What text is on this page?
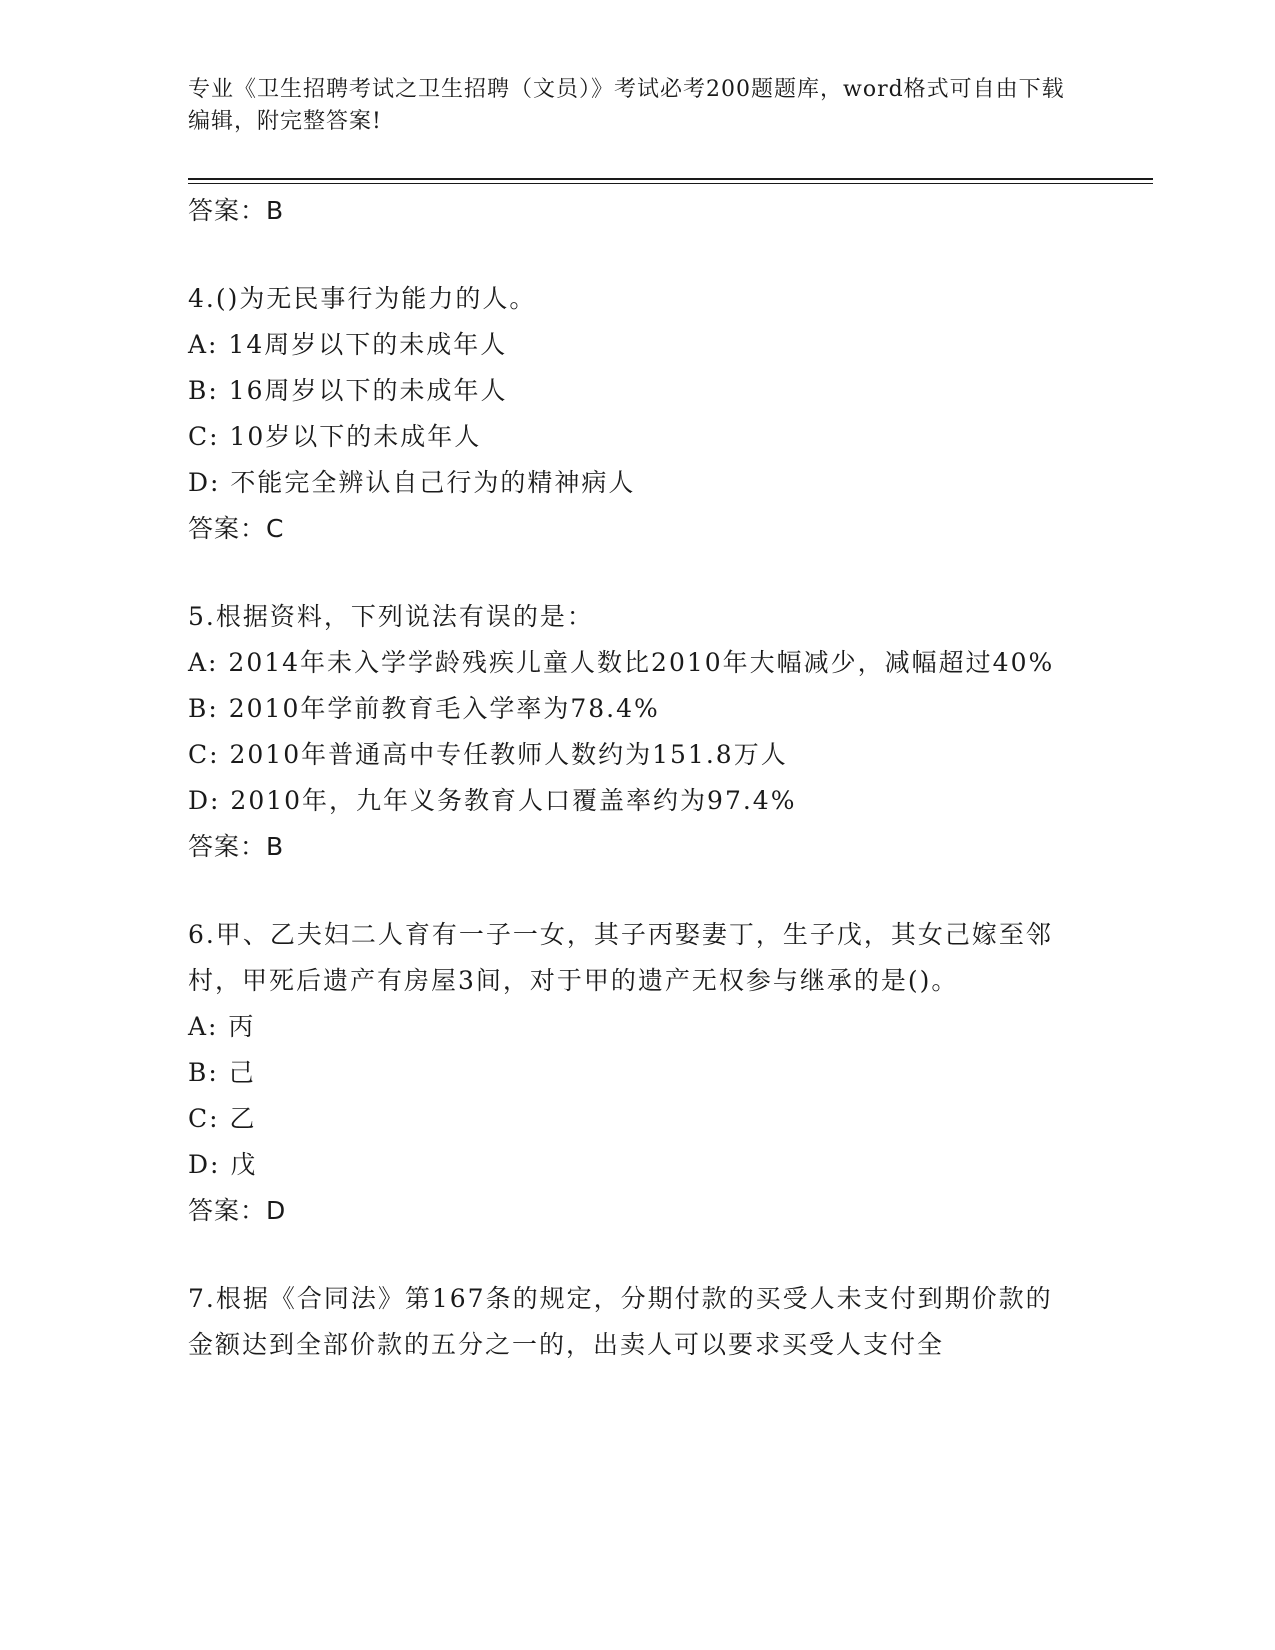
专业《卫生招聘考试之卫生招聘（文员）》考试必考200题题库，word格式可自由下载编辑，附完整答案!

答案：B

4.()为无民事行为能力的人。

A: 14周岁以下的未成年人

B: 16周岁以下的未成年人

C: 10岁以下的未成年人

D: 不能完全辨认自己行为的精神病人

答案：C

5.根据资料，下列说法有误的是：

A: 2014年未入学学龄残疾儿童人数比2010年大幅减少，减幅超过40%

B: 2010年学前教育毛入学率为78.4%

C: 2010年普通高中专任教师人数约为151.8万人

D: 2010年，九年义务教育人口覆盖率约为97.4%

答案：B

6.甲、乙夫妇二人育有一子一女，其子丙娶妻丁，生子戊，其女己嫁至邻村，甲死后遗产有房屋3间，对于甲的遗产无权参与继承的是()。

A: 丙

B: 己

C: 乙

D: 戊

答案：D

7.根据《合同法》第167条的规定，分期付款的买受人未支付到期价款的金额达到全部价款的五分之一的，出卖人可以要求买受人支付全
